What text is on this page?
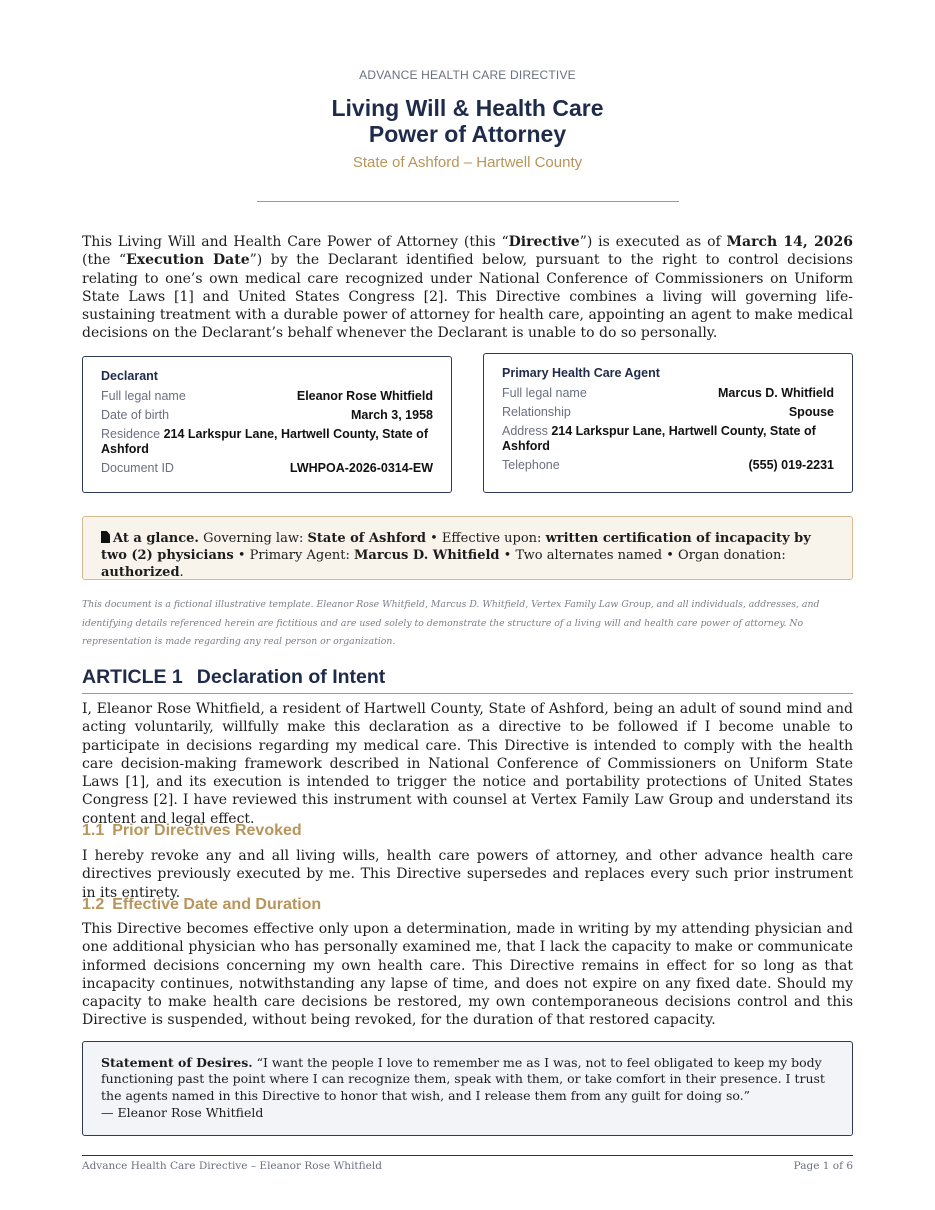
ADVANCE HEALTH CARE DIRECTIVE
Living Will & Health Care
Power of Attorney
State of Ashford – Hartwell County
This Living Will and Health Care Power of Attorney (this “Directive”) is executed as of March 14, 2026 (the “Execution Date”) by the Declarant identified below, pursuant to the right to control decisions relating to one’s own medical care recognized under National Conference of Commissioners on Uniform State Laws [1] and United States Congress [2]. This Directive combines a living will governing life-sustaining treatment with a durable power of attorney for health care, appointing an agent to make medical decisions on the Declarant’s behalf whenever the Declarant is unable to do so personally.
Declarant
Full legal name	Eleanor Rose Whitfield
Date of birth	March 3, 1958
Residence 214 Larkspur Lane, Hartwell County, State of Ashford
Document ID	LWHPOA-2026-0314-EW
Primary Health Care Agent
Full legal name	Marcus D. Whitfield
Relationship	Spouse
Address 214 Larkspur Lane, Hartwell County, State of Ashford
Telephone	(555) 019-2231
At a glance. Governing law: State of Ashford • Effective upon: written certification of incapacity by two (2) physicians • Primary Agent: Marcus D. Whitfield • Two alternates named • Organ donation: authorized.
This document is a fictional illustrative template. Eleanor Rose Whitfield, Marcus D. Whitfield, Vertex Family Law Group, and all individuals, addresses, and identifying details referenced herein are fictitious and are used solely to demonstrate the structure of a living will and health care power of attorney. No representation is made regarding any real person or organization.
ARTICLE 1 Declaration of Intent
I, Eleanor Rose Whitfield, a resident of Hartwell County, State of Ashford, being an adult of sound mind and acting voluntarily, willfully make this declaration as a directive to be followed if I become unable to participate in decisions regarding my medical care. This Directive is intended to comply with the health care decision-making framework described in National Conference of Commissioners on Uniform State Laws [1], and its execution is intended to trigger the notice and portability protections of United States Congress [2]. I have reviewed this instrument with counsel at Vertex Family Law Group and understand its content and legal effect.
1.1 Prior Directives Revoked
I hereby revoke any and all living wills, health care powers of attorney, and other advance health care directives previously executed by me. This Directive supersedes and replaces every such prior instrument in its entirety.
1.2 Effective Date and Duration
This Directive becomes effective only upon a determination, made in writing by my attending physician and one additional physician who has personally examined me, that I lack the capacity to make or communicate informed decisions concerning my own health care. This Directive remains in effect for so long as that incapacity continues, notwithstanding any lapse of time, and does not expire on any fixed date. Should my capacity to make health care decisions be restored, my own contemporaneous decisions control and this Directive is suspended, without being revoked, for the duration of that restored capacity.
Statement of Desires. “I want the people I love to remember me as I was, not to feel obligated to keep my body functioning past the point where I can recognize them, speak with them, or take comfort in their presence. I trust the agents named in this Directive to honor that wish, and I release them from any guilt for doing so.”
— Eleanor Rose Whitfield
Advance Health Care Directive – Eleanor Rose Whitfield	Page 1 of 6
